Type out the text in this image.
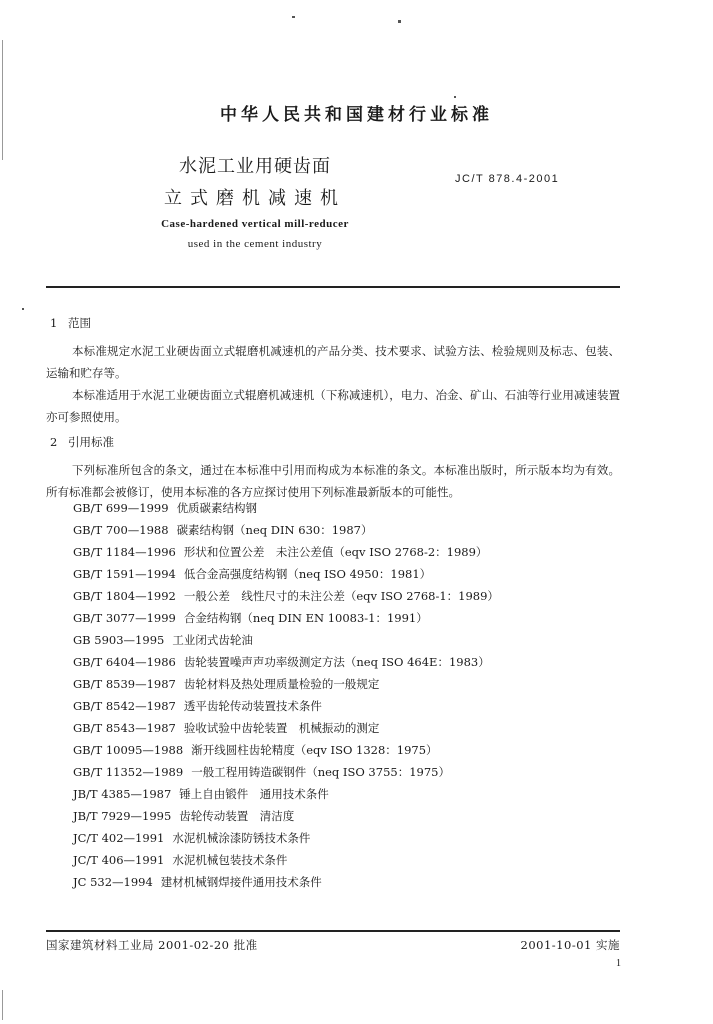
中华人民共和国建材行业标准
水泥工业用硬齿面
立式磨机减速机
JC/T 878.4-2001
Case-hardened vertical mill-reducer
used in the cement industry
1 范围
本标准规定水泥工业硬齿面立式辊磨机减速机的产品分类、技术要求、试验方法、检验规则及标志、包装、运输和贮存等。
本标准适用于水泥工业硬齿面立式辊磨机减速机（下称减速机），电力、冶金、矿山、石油等行业用减速装置亦可参照使用。
2 引用标准
下列标准所包含的条文，通过在本标准中引用而构成为本标准的条文。本标准出版时，所示版本均为有效。所有标准都会被修订，使用本标准的各方应探讨使用下列标准最新版本的可能性。
GB/T 699—1999 优质碳素结构钢
GB/T 700—1988 碳素结构钢（neq DIN 630：1987）
GB/T 1184—1996 形状和位置公差　未注公差值（eqv ISO 2768-2：1989）
GB/T 1591—1994 低合金高强度结构钢（neq ISO 4950：1981）
GB/T 1804—1992 一般公差　线性尺寸的未注公差（eqv ISO 2768-1：1989）
GB/T 3077—1999 合金结构钢（neq DIN EN 10083-1：1991）
GB 5903—1995 工业闭式齿轮油
GB/T 6404—1986 齿轮装置噪声声功率级测定方法（neq ISO 464E：1983）
GB/T 8539—1987 齿轮材料及热处理质量检验的一般规定
GB/T 8542—1987 透平齿轮传动装置技术条件
GB/T 8543—1987 验收试验中齿轮装置　机械振动的测定
GB/T 10095—1988 渐开线圆柱齿轮精度（eqv ISO 1328：1975）
GB/T 11352—1989 一般工程用铸造碳钢件（neq ISO 3755：1975）
JB/T 4385—1987 锤上自由锻件　通用技术条件
JB/T 7929—1995 齿轮传动装置　清洁度
JC/T 402—1991 水泥机械涂漆防锈技术条件
JC/T 406—1991 水泥机械包装技术条件
JC 532—1994 建材机械钢焊接件通用技术条件
国家建筑材料工业局 2001-02-20 批准	2001-10-01 实施
1
